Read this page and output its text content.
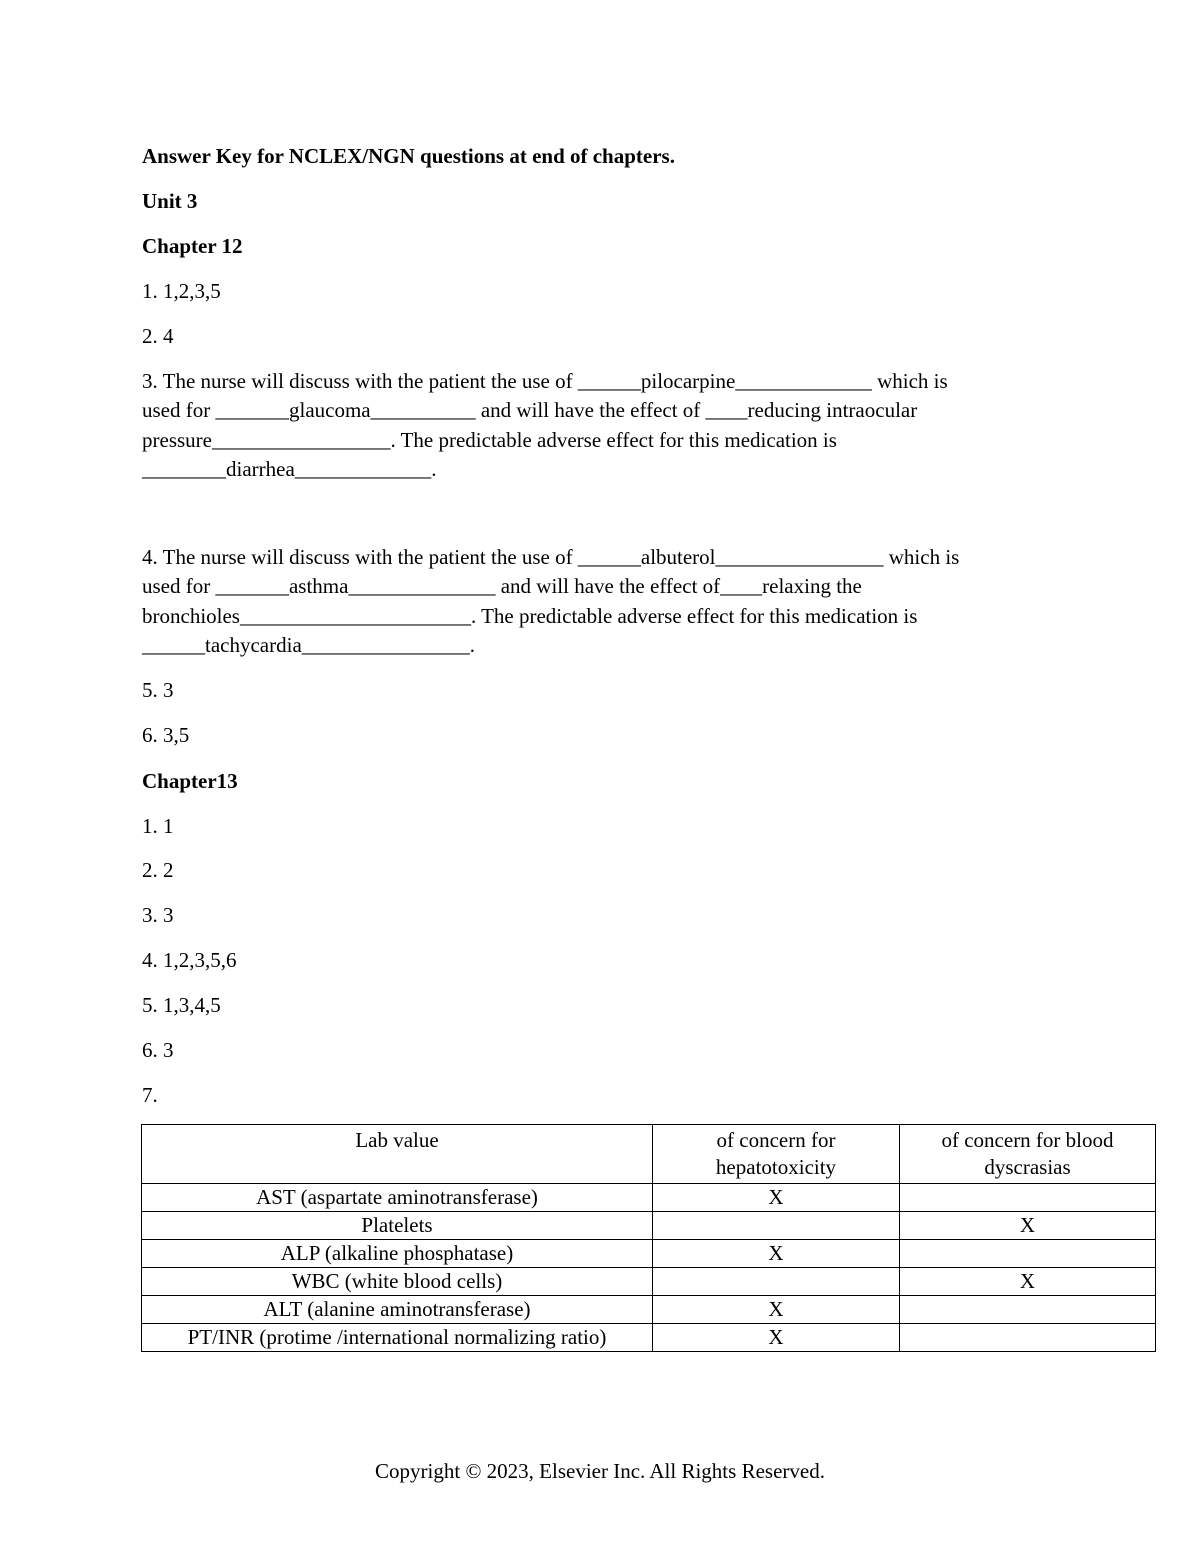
Answer Key for NCLEX/NGN questions at end of chapters.

Unit 3

Chapter 12

1. 1,2,3,5

2. 4

3. The nurse will discuss with the patient the use of ______pilocarpine_____________ which is
used for _______glaucoma__________ and will have the effect of ____reducing intraocular
pressure_________________. The predictable adverse effect for this medication is
________diarrhea_____________.
4. The nurse will discuss with the patient the use of ______albuterol________________ which is
used for _______asthma______________ and will have the effect of____relaxing the
bronchioles______________________. The predictable adverse effect for this medication is
______tachycardia________________.

5. 3

6. 3,5

Chapter13

1. 1

2. 2

3. 3

4. 1,2,3,5,6

5. 1,3,4,5

6. 3

7.

Lab value	of concern for hepatotoxicity	of concern for blood dyscrasias
AST (aspartate aminotransferase)	X	
Platelets		X
ALP (alkaline phosphatase)	X	
WBC (white blood cells)		X
ALT (alanine aminotransferase)	X	
PT/INR (protime /international normalizing ratio)	X	
Copyright © 2023, Elsevier Inc. All Rights Reserved.
